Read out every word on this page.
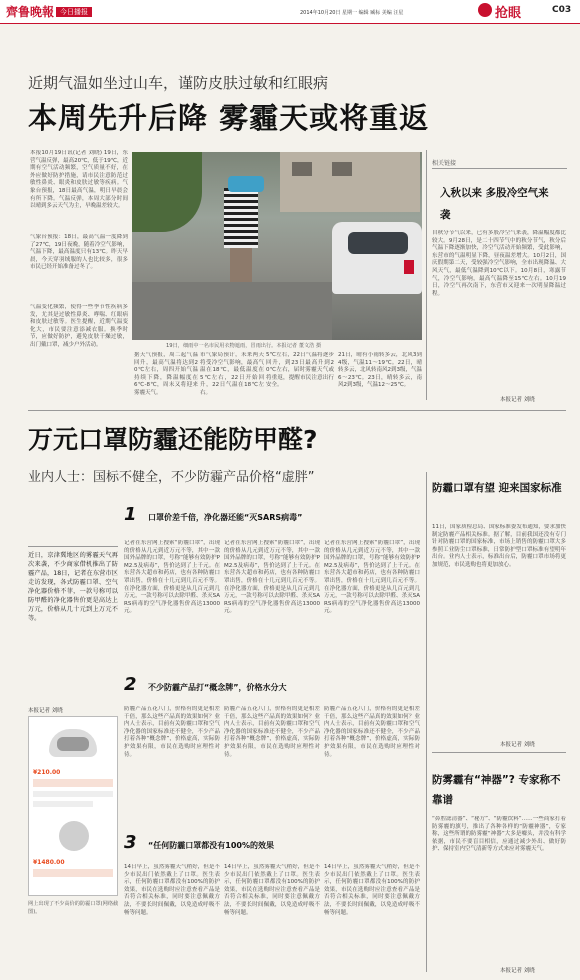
齊鲁晚報 今日播报	2014年10月20日 星期一 编辑 臧标 美编 汪星	抢眼	C03
近期气温如坐过山车，谨防皮肤过敏和红眼病
本周先升后降 雾霾天或将重返
本报10月19日讯(记者 刘晓) 19日，东营气温反弹，最高20℃，低于19℃，近期有空气活动频繁，空气质量不好，在外应做好防护措施，请市民注意防范过敏性鼻炎、眼炎和皮肤过敏等疾病。气象台预报，18日最高气温，明日早晨会有所下降。气温反弹，本周大部分时间以晴到多云天气为主，早晚温差较大。
气象台预报：18日，最高气温一度降到了27℃，19日夜晚，随着冷空气影响，气温下降，最高温度只有13℃。昨天早晨，今天穿羽绒服的人也比较多，很多市民已经开始准备过冬了。
气温变化频繁，使得一些季节性疾病多发，尤其是过敏性鼻炎、哮喘、红眼病和皮肤过敏等。医生提醒，近期气温变化大，市民要注意添减衣服。换季时节，应做好防护，避免皮肤干燥过敏，出门戴口罩，减少户外活动。	19日，细雨中一名市民用衣物遮雨，冒雨出行。本报记者 董文浩 摄
据天气预报，周二起气温回升，最高气温将达到20℃左右，周四开始气温持续下降，降温幅度在6℃-8℃，周末又将迎来雾霾天气。
市气象局预计，未来两天将受冷空气影响，最高气温在18℃，最低温度在5℃左右，22日开始回升，22日气温在18℃左右。
5℃左右，22日气温将逐步回升，到23日最高升到20℃左右，届时雾霾天气或将重返，提醒市民注意出行安全。
21日，晴有小雨转多云，北风3到4级，气温11～19℃。22日，晴转多云，北风转南风2到3级，气温6～23℃。23日，晴转多云，南风2到3级，气温12～25℃。
相关链接
入秋以来 多股冷空气来袭
自秋分节气以来，已有多股冷空气来袭，降温幅度都比较大。9月28日，是二十四节气中的秋分节气，秋分后气温下降逐渐加快，冷空气活动开始频繁，受此影响，东营市的气温明显下降，昼夜温差增大。10月2日，国庆假期第二天，受较强冷空气影响，全市出现降温、大风天气，最低气温降到10℃以下。10月8日，寒露节气，冷空气影响，最高气温降至15℃左右。10月19日，冷空气再次南下，东营市又迎来一次明显降温过程。
本报记者 刘晓
万元口罩防霾还能防甲醛?
业内人士：国标不健全，不少防霾产品价格“虚胖”
近日，京津冀地区的雾霾天气再次来袭，不少商家借机推出了防霾产品，18日，记者在东营市区走访发现，各式防霾口罩、空气净化器价格不菲，一款号称可以防甲醛的净化器售价更是高达上万元，价格从几十元到上万元不等。
本报记者 刘晓
¥210.00
¥1480.00
网上出现了不少高价的防霾口罩(网络截图)。
1 口罩价差千倍，净化器还能“灭SARS病毒”
记者在东营网上搜索“防霾口罩”，出现的价格从几元到近万元不等，其中一款国外品牌的口罩，号称“能够有效防护PM2.5及病毒”，售价达到了上千元。在东营各大超市和药店，也有各种防霾口罩出售，价格在十几元到几百元不等。在净化器方面，价格更是从几百元到几万元，一款号称可以去除甲醛、杀灭SARS病毒的空气净化器售价高达13000元。
记者在东营网上搜索“防霾口罩”，出现的价格从几元到近万元不等，其中一款国外品牌的口罩，号称“能够有效防护PM2.5及病毒”，售价达到了上千元。在东营各大超市和药店，也有各种防霾口罩出售，价格在十几元到几百元不等。在净化器方面，价格更是从几百元到几万元，一款号称可以去除甲醛、杀灭SARS病毒的空气净化器售价高达13000元。
记者在东营网上搜索“防霾口罩”，出现的价格从几元到近万元不等，其中一款国外品牌的口罩，号称“能够有效防护PM2.5及病毒”，售价达到了上千元。在东营各大超市和药店，也有各种防霾口罩出售，价格在十几元到几百元不等。在净化器方面，价格更是从几百元到几万元，一款号称可以去除甲醛、杀灭SARS病毒的空气净化器售价高达13000元。
2 不少防霾产品打“概念牌”，价格水分大
防霾产品五花八门，价格有的更是相差千倍，那么这些产品真的效果如何？业内人士表示，目前有关防霾口罩和空气净化器的国家标准还不健全，不少产品打着各种“概念牌”，价格虚高，实际防护效果有限，市民在选购时应理性对待。
防霾产品五花八门，价格有的更是相差千倍，那么这些产品真的效果如何？业内人士表示，目前有关防霾口罩和空气净化器的国家标准还不健全，不少产品打着各种“概念牌”，价格虚高，实际防护效果有限，市民在选购时应理性对待。
防霾产品五花八门，价格有的更是相差千倍，那么这些产品真的效果如何？业内人士表示，目前有关防霾口罩和空气净化器的国家标准还不健全，不少产品打着各种“概念牌”，价格虚高，实际防护效果有限，市民在选购时应理性对待。
3 “任何防霾口罩都没有100%的效果
14日早上，虽然雾霾天气稍好，但是不少市民出门依然戴上了口罩。医生表示，任何防霾口罩都没有100%的防护效果，市民在选购时应注意查看产品是否符合相关标准，同时要注意佩戴方法，不要长时间佩戴，以免造成呼吸不畅等问题。
14日早上，虽然雾霾天气稍好，但是不少市民出门依然戴上了口罩。医生表示，任何防霾口罩都没有100%的防护效果，市民在选购时应注意查看产品是否符合相关标准，同时要注意佩戴方法，不要长时间佩戴，以免造成呼吸不畅等问题。
14日早上，虽然雾霾天气稍好，但是不少市民出门依然戴上了口罩。医生表示，任何防霾口罩都没有100%的防护效果，市民在选购时应注意查看产品是否符合相关标准，同时要注意佩戴方法，不要长时间佩戴，以免造成呼吸不畅等问题。
防霾口罩有望 迎来国家标准
11日，国家质检总局、国家标准委发布通知，要求加快制定防霾产品相关标准。据了解，目前我国还没有专门针对防霾口罩的国家标准，市场上销售的防霾口罩大多参照工业防尘口罩标准，日常防护型口罩标准有望明年出台。业内人士表示，标准出台后，防霾口罩市场将更加规范，市民选购也将更加放心。
本报记者 刘晓
防雾霾有“神器”? 专家称不靠谱
“鼻腔滤清器”、“秘方”、“防霾饮料”……一些商家打着防雾霾的旗号，推出了各种各样的“防霾神器”，专家称，这些所谓的防雾霾“神器”大多是噱头，并没有科学依据，市民不要盲目相信，应通过减少外出、做好防护、保持室内空气清新等方式来应对雾霾天气。
本报记者 刘晓
